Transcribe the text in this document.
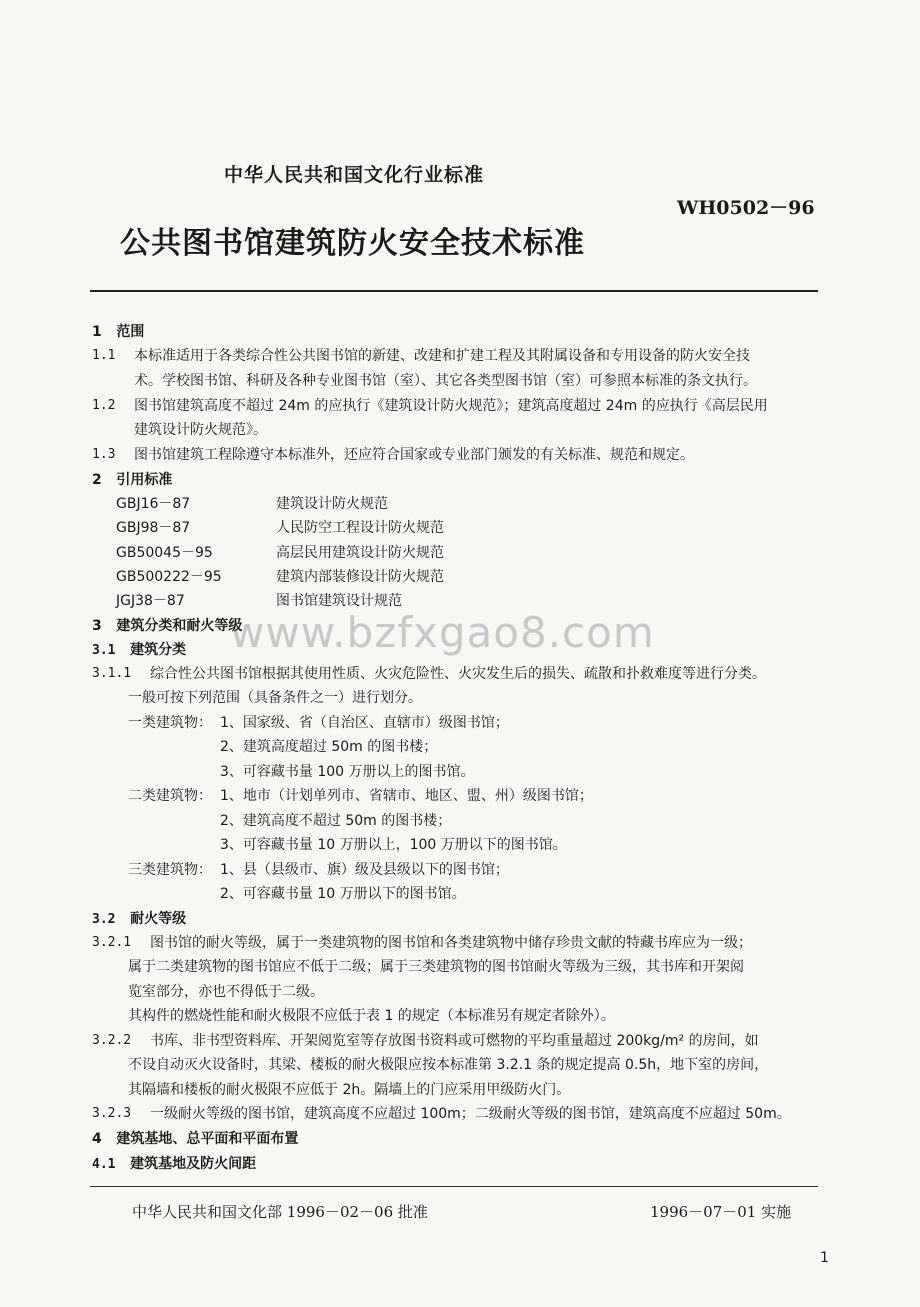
www.bzfxgao8.com
中华人民共和国文化行业标准
WH0502－96
公共图书馆建筑防火安全技术标准
1 范围
1.1 本标准适用于各类综合性公共图书馆的新建、改建和扩建工程及其附属设备和专用设备的防火安全技
术。学校图书馆、科研及各种专业图书馆（室）、其它各类型图书馆（室）可参照本标准的条文执行。
1.2 图书馆建筑高度不超过 24m 的应执行《建筑设计防火规范》；建筑高度超过 24m 的应执行《高层民用
建筑设计防火规范》。
1.3 图书馆建筑工程除遵守本标准外，还应符合国家或专业部门颁发的有关标准、规范和规定。
2 引用标准
GBJ16－87	建筑设计防火规范
GBJ98－87	人民防空工程设计防火规范
GB50045－95	高层民用建筑设计防火规范
GB500222－95	建筑内部装修设计防火规范
JGJ38－87	图书馆建筑设计规范
3 建筑分类和耐火等级
3.1 建筑分类
3.1.1 综合性公共图书馆根据其使用性质、火灾危险性、火灾发生后的损失、疏散和扑救难度等进行分类。
一般可按下列范围（具备条件之一）进行划分。
一类建筑物： 1、国家级、省（自治区、直辖市）级图书馆；
2、建筑高度超过 50m 的图书楼；
3、可容藏书量 100 万册以上的图书馆。
二类建筑物： 1、地市（计划单列市、省辖市、地区、盟、州）级图书馆；
2、建筑高度不超过 50m 的图书楼；
3、可容藏书量 10 万册以上，100 万册以下的图书馆。
三类建筑物： 1、县（县级市、旗）级及县级以下的图书馆；
2、可容藏书量 10 万册以下的图书馆。
3.2 耐火等级
3.2.1 图书馆的耐火等级，属于一类建筑物的图书馆和各类建筑物中储存珍贵文献的特藏书库应为一级；
属于二类建筑物的图书馆应不低于二级；属于三类建筑物的图书馆耐火等级为三级，其书库和开架阅
览室部分，亦也不得低于二级。
其构件的燃烧性能和耐火极限不应低于表 1 的规定（本标准另有规定者除外）。
3.2.2 书库、非书型资料库、开架阅览室等存放图书资料或可燃物的平均重量超过 200kg/m² 的房间，如
不设自动灭火设备时，其梁、楼板的耐火极限应按本标准第 3.2.1 条的规定提高 0.5h，地下室的房间，
其隔墙和楼板的耐火极限不应低于 2h。隔墙上的门应采用甲级防火门。
3.2.3 一级耐火等级的图书馆，建筑高度不应超过 100m；二级耐火等级的图书馆，建筑高度不应超过 50m。
4 建筑基地、总平面和平面布置
4.1 建筑基地及防火间距
中华人民共和国文化部 1996－02－06 批准	1996－07－01 实施
1
